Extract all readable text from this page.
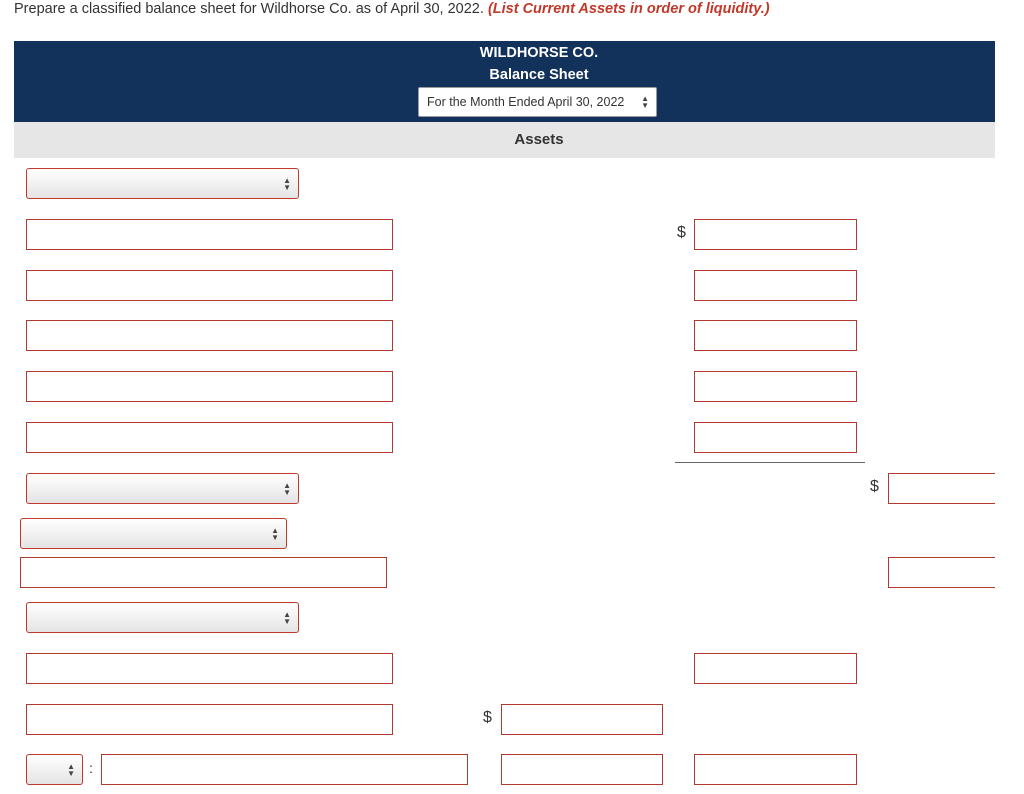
Prepare a classified balance sheet for Wildhorse Co. as of April 30, 2022. (List Current Assets in order of liquidity.)
WILDHORSE CO.
Balance Sheet
For the Month Ended April 30, 2022 ▲
▼
Assets
▲
▼
$
▲
▼	$
▲
▼
▲
▼
$
▲
▼ :
